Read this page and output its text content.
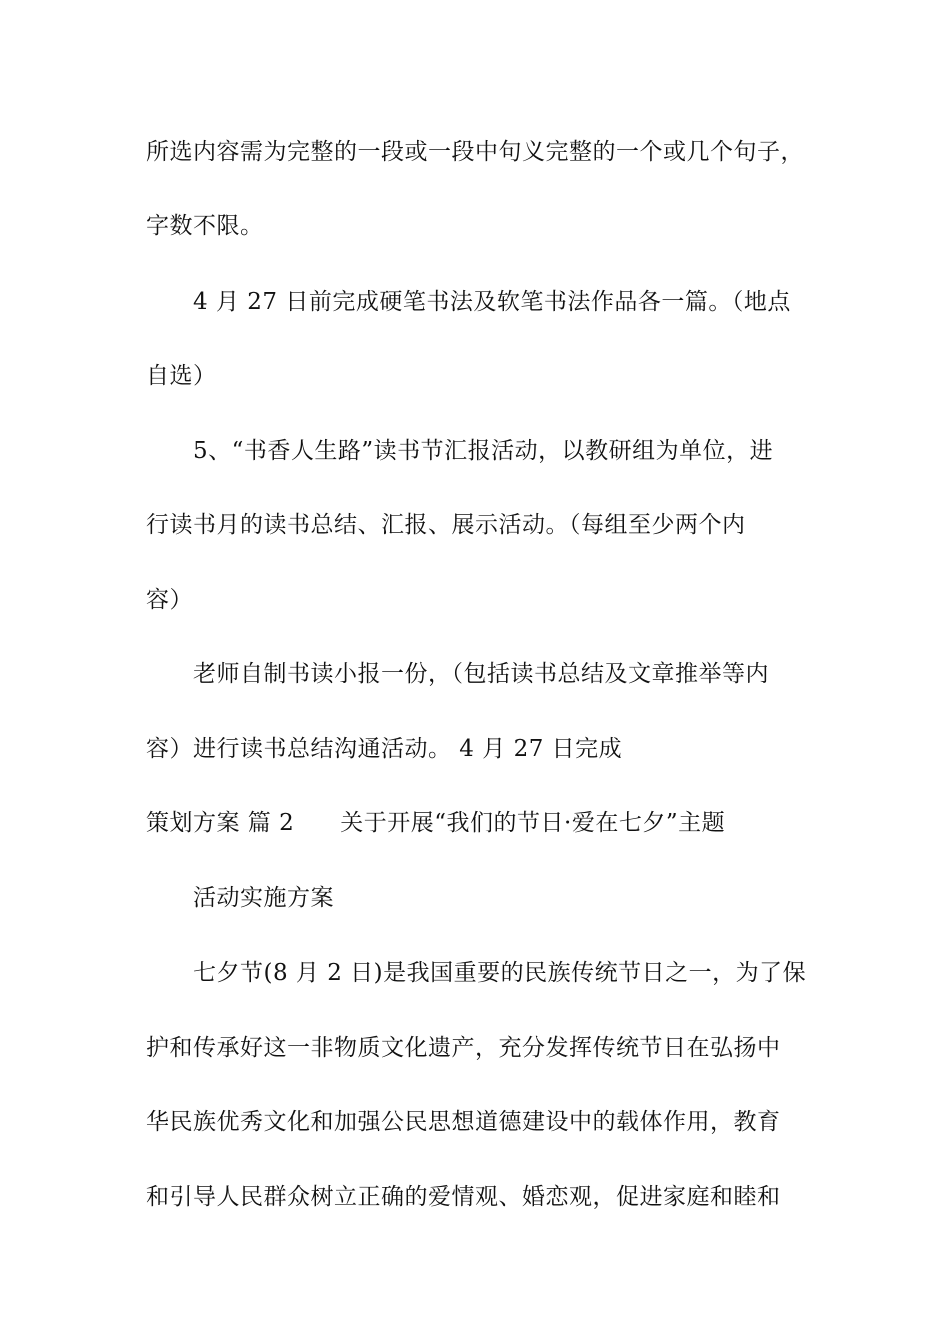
所选内容需为完整的一段或一段中句义完整的一个或几个句子，
字数不限。
4 月 27 日前完成硬笔书法及软笔书法作品各一篇。（地点
自选）
5、“书香人生路”读书节汇报活动，以教研组为单位，进
行读书月的读书总结、汇报、展示活动。（每组至少两个内
容）
老师自制书读小报一份，（包括读书总结及文章推举等内
容）进行读书总结沟通活动。 4 月 27 日完成
策划方案 篇 2 关于开展“我们的节日·爱在七夕”主题
活动实施方案
七夕节(8 月 2 日)是我国重要的民族传统节日之一，为了保
护和传承好这一非物质文化遗产，充分发挥传统节日在弘扬中
华民族优秀文化和加强公民思想道德建设中的载体作用，教育
和引导人民群众树立正确的爱情观、婚恋观，促进家庭和睦和
